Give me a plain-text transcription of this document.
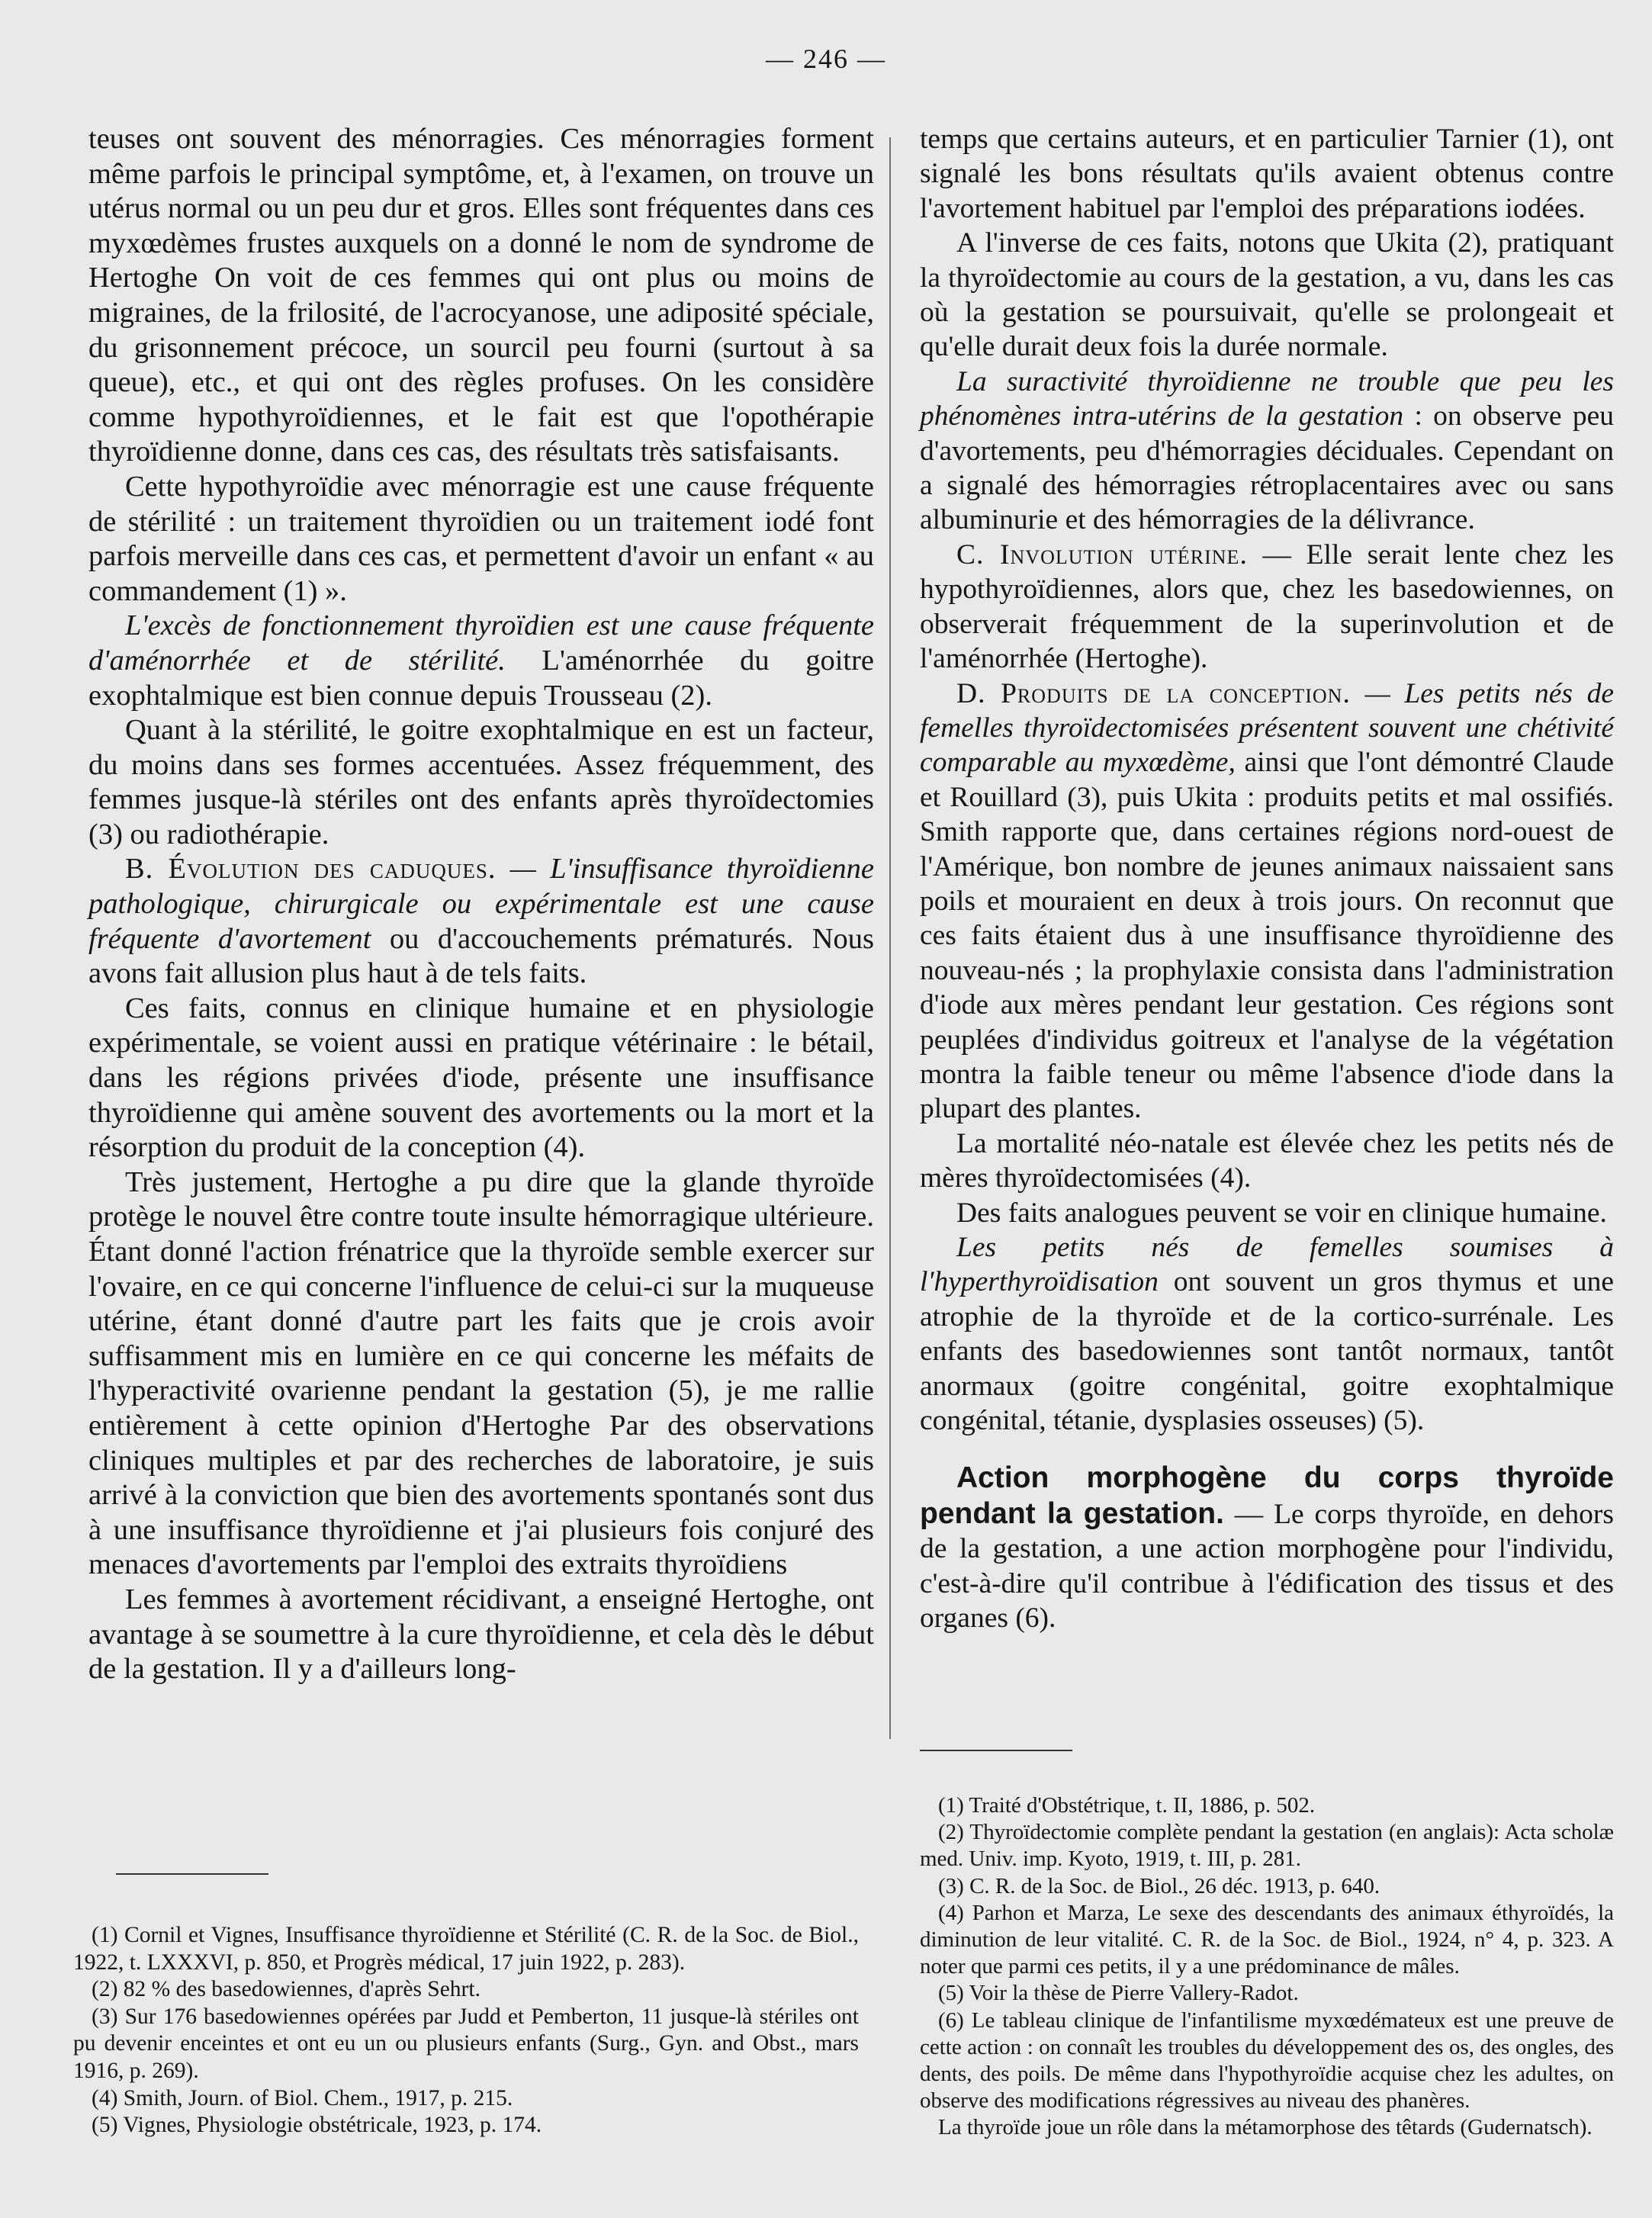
— 246 —

teuses ont souvent des ménorragies. Ces ménorragies forment même parfois le principal symptôme, et, à l'examen, on trouve un utérus normal ou un peu dur et gros. Elles sont fréquentes dans ces myxœdèmes frustes auxquels on a donné le nom de syndrome de Hertoghe On voit de ces femmes qui ont plus ou moins de migraines, de la frilosité, de l'acrocyanose, une adiposité spéciale, du grisonnement précoce, un sourcil peu fourni (surtout à sa queue), etc., et qui ont des règles profuses. On les considère comme hypothyroïdiennes, et le fait est que l'opothérapie thyroïdienne donne, dans ces cas, des résultats très satisfaisants.

Cette hypothyroïdie avec ménorragie est une cause fréquente de stérilité : un traitement thyroïdien ou un traitement iodé font parfois merveille dans ces cas, et permettent d'avoir un enfant « au commandement (1) ».

L'excès de fonctionnement thyroïdien est une cause fréquente d'aménorrhée et de stérilité. L'aménorrhée du goitre exophtalmique est bien connue depuis Trousseau (2).

Quant à la stérilité, le goitre exophtalmique en est un facteur, du moins dans ses formes accentuées. Assez fréquemment, des femmes jusque-là stériles ont des enfants après thyroïdectomies (3) ou radiothérapie.

B. Évolution des caduques. — L'insuffisance thyroïdienne pathologique, chirurgicale ou expérimentale est une cause fréquente d'avortement ou d'accouchements prématurés. Nous avons fait allusion plus haut à de tels faits.

Ces faits, connus en clinique humaine et en physiologie expérimentale, se voient aussi en pratique vétérinaire : le bétail, dans les régions privées d'iode, présente une insuffisance thyroïdienne qui amène souvent des avortements ou la mort et la résorption du produit de la conception (4).

Très justement, Hertoghe a pu dire que la glande thyroïde protège le nouvel être contre toute insulte hémorragique ultérieure. Étant donné l'action frénatrice que la thyroïde semble exercer sur l'ovaire, en ce qui concerne l'influence de celui-ci sur la muqueuse utérine, étant donné d'autre part les faits que je crois avoir suffisamment mis en lumière en ce qui concerne les méfaits de l'hyperactivité ovarienne pendant la gestation (5), je me rallie entièrement à cette opinion d'Hertoghe Par des observations cliniques multiples et par des recherches de laboratoire, je suis arrivé à la conviction que bien des avortements spontanés sont dus à une insuffisance thyroïdienne et j'ai plusieurs fois conjuré des menaces d'avortements par l'emploi des extraits thyroïdiens

Les femmes à avortement récidivant, a enseigné Hertoghe, ont avantage à se soumettre à la cure thyroïdienne, et cela dès le début de la gestation. Il y a d'ailleurs long-

temps que certains auteurs, et en particulier Tarnier (1), ont signalé les bons résultats qu'ils avaient obtenus contre l'avortement habituel par l'emploi des préparations iodées.

A l'inverse de ces faits, notons que Ukita (2), pratiquant la thyroïdectomie au cours de la gestation, a vu, dans les cas où la gestation se poursuivait, qu'elle se prolongeait et qu'elle durait deux fois la durée normale.

La suractivité thyroïdienne ne trouble que peu les phénomènes intra-utérins de la gestation : on observe peu d'avortements, peu d'hémorragies déciduales. Cependant on a signalé des hémorragies rétroplacentaires avec ou sans albuminurie et des hémorragies de la délivrance.

C. Involution utérine. — Elle serait lente chez les hypothyroïdiennes, alors que, chez les basedowiennes, on observerait fréquemment de la superinvolution et de l'aménorrhée (Hertoghe).

D. Produits de la conception. — Les petits nés de femelles thyroïdectomisées présentent souvent une chétivité comparable au myxœdème, ainsi que l'ont démontré Claude et Rouillard (3), puis Ukita : produits petits et mal ossifiés. Smith rapporte que, dans certaines régions nord-ouest de l'Amérique, bon nombre de jeunes animaux naissaient sans poils et mouraient en deux à trois jours. On reconnut que ces faits étaient dus à une insuffisance thyroïdienne des nouveau-nés ; la prophylaxie consista dans l'administration d'iode aux mères pendant leur gestation. Ces régions sont peuplées d'individus goitreux et l'analyse de la végétation montra la faible teneur ou même l'absence d'iode dans la plupart des plantes.

La mortalité néo-natale est élevée chez les petits nés de mères thyroïdectomisées (4).

Des faits analogues peuvent se voir en clinique humaine.

Les petits nés de femelles soumises à l'hyperthyroïdisation ont souvent un gros thymus et une atrophie de la thyroïde et de la cortico-surrénale. Les enfants des basedowiennes sont tantôt normaux, tantôt anormaux (goitre congénital, goitre exophtalmique congénital, tétanie, dysplasies osseuses) (5).

Action morphogène du corps thyroïde pendant la gestation. — Le corps thyroïde, en dehors de la gestation, a une action morphogène pour l'individu, c'est-à-dire qu'il contribue à l'édification des tissus et des organes (6).

(1) Cornil et Vignes, Insuffisance thyroïdienne et Stérilité (C. R. de la Soc. de Biol., 1922, t. LXXXVI, p. 850, et Progrès médical, 17 juin 1922, p. 283).

(2) 82 % des basedowiennes, d'après Sehrt.

(3) Sur 176 basedowiennes opérées par Judd et Pemberton, 11 jusque-là stériles ont pu devenir enceintes et ont eu un ou plusieurs enfants (Surg., Gyn. and Obst., mars 1916, p. 269).

(4) Smith, Journ. of Biol. Chem., 1917, p. 215.

(5) Vignes, Physiologie obstétricale, 1923, p. 174.

(1) Traité d'Obstétrique, t. II, 1886, p. 502.

(2) Thyroïdectomie complète pendant la gestation (en anglais): Acta scholæ med. Univ. imp. Kyoto, 1919, t. III, p. 281.

(3) C. R. de la Soc. de Biol., 26 déc. 1913, p. 640.

(4) Parhon et Marza, Le sexe des descendants des animaux éthyroïdés, la diminution de leur vitalité. C. R. de la Soc. de Biol., 1924, n° 4, p. 323. A noter que parmi ces petits, il y a une prédominance de mâles.

(5) Voir la thèse de Pierre Vallery-Radot.

(6) Le tableau clinique de l'infantilisme myxœdémateux est une preuve de cette action : on connaît les troubles du développement des os, des ongles, des dents, des poils. De même dans l'hypothyroïdie acquise chez les adultes, on observe des modifications régressives au niveau des phanères.

La thyroïde joue un rôle dans la métamorphose des têtards (Gudernatsch).
